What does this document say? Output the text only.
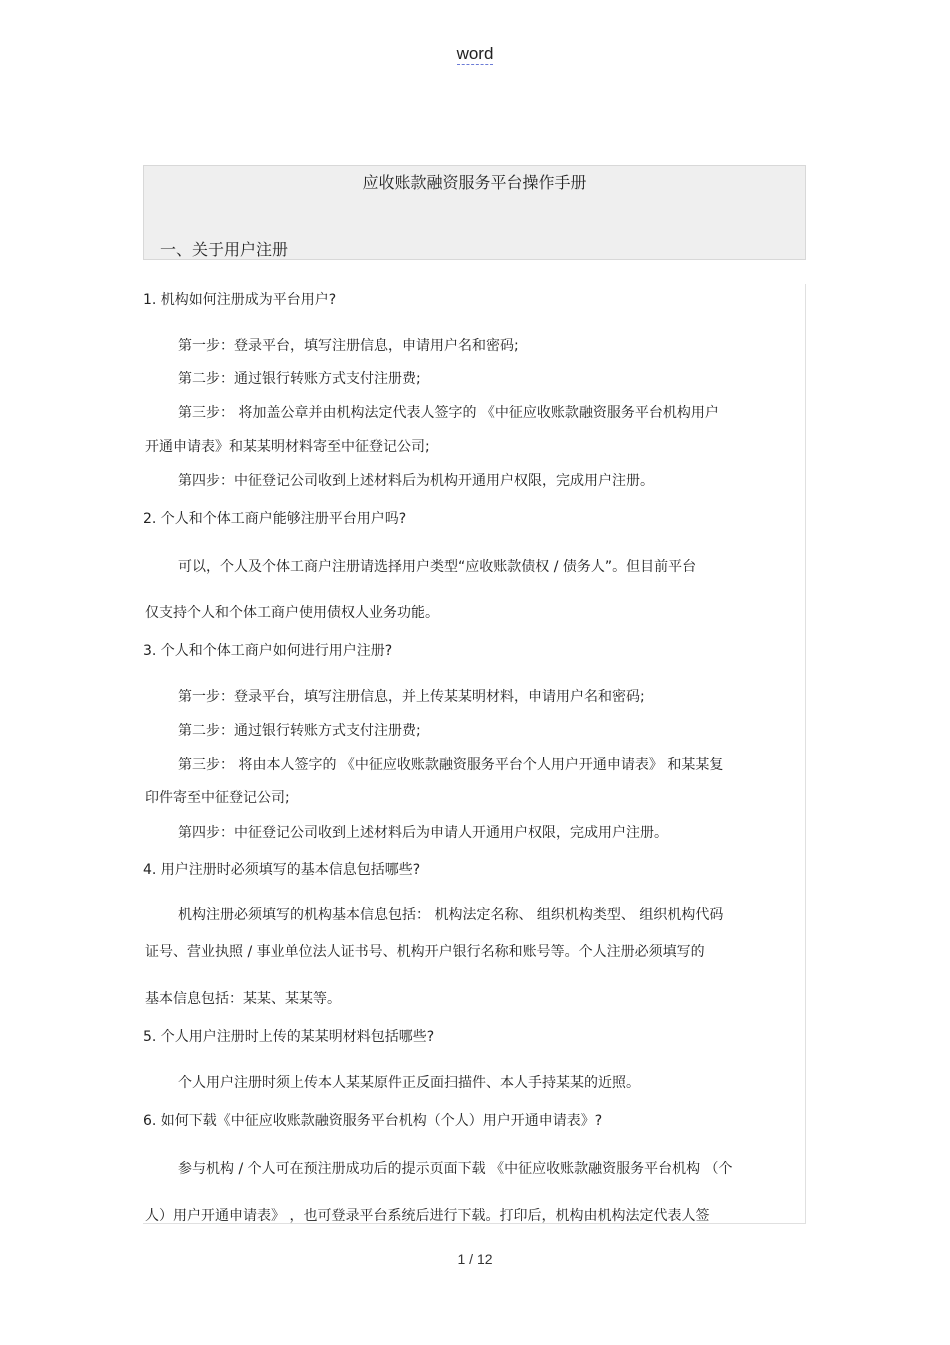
word
应收账款融资服务平台操作手册
一、关于用户注册
1. 机构如何注册成为平台用户?
第一步：登录平台，填写注册信息，申请用户名和密码;
第二步：通过银行转账方式支付注册费;
第三步： 将加盖公章并由机构法定代表人签字的 《中征应收账款融资服务平台机构用户
开通申请表》和某某明材料寄至中征登记公司;
第四步：中征登记公司收到上述材料后为机构开通用户权限，完成用户注册。
2. 个人和个体工商户能够注册平台用户吗?
可以，个人及个体工商户注册请选择用户类型“应收账款债权 / 债务人”。但目前平台
仅支持个人和个体工商户使用债权人业务功能。
3. 个人和个体工商户如何进行用户注册?
第一步：登录平台，填写注册信息，并上传某某明材料，申请用户名和密码;
第二步：通过银行转账方式支付注册费;
第三步： 将由本人签字的 《中征应收账款融资服务平台个人用户开通申请表》 和某某复
印件寄至中征登记公司;
第四步：中征登记公司收到上述材料后为申请人开通用户权限，完成用户注册。
4. 用户注册时必须填写的基本信息包括哪些?
机构注册必须填写的机构基本信息包括： 机构法定名称、 组织机构类型、 组织机构代码
证号、营业执照 / 事业单位法人证书号、机构开户银行名称和账号等。个人注册必须填写的
基本信息包括：某某、某某等。
5. 个人用户注册时上传的某某明材料包括哪些?
个人用户注册时须上传本人某某原件正反面扫描件、本人手持某某的近照。
6. 如何下载《中征应收账款融资服务平台机构（个人）用户开通申请表》?
参与机构 / 个人可在预注册成功后的提示页面下载 《中征应收账款融资服务平台机构 （个
人）用户开通申请表》 ，也可登录平台系统后进行下载。打印后，机构由机构法定代表人签
1 / 12
